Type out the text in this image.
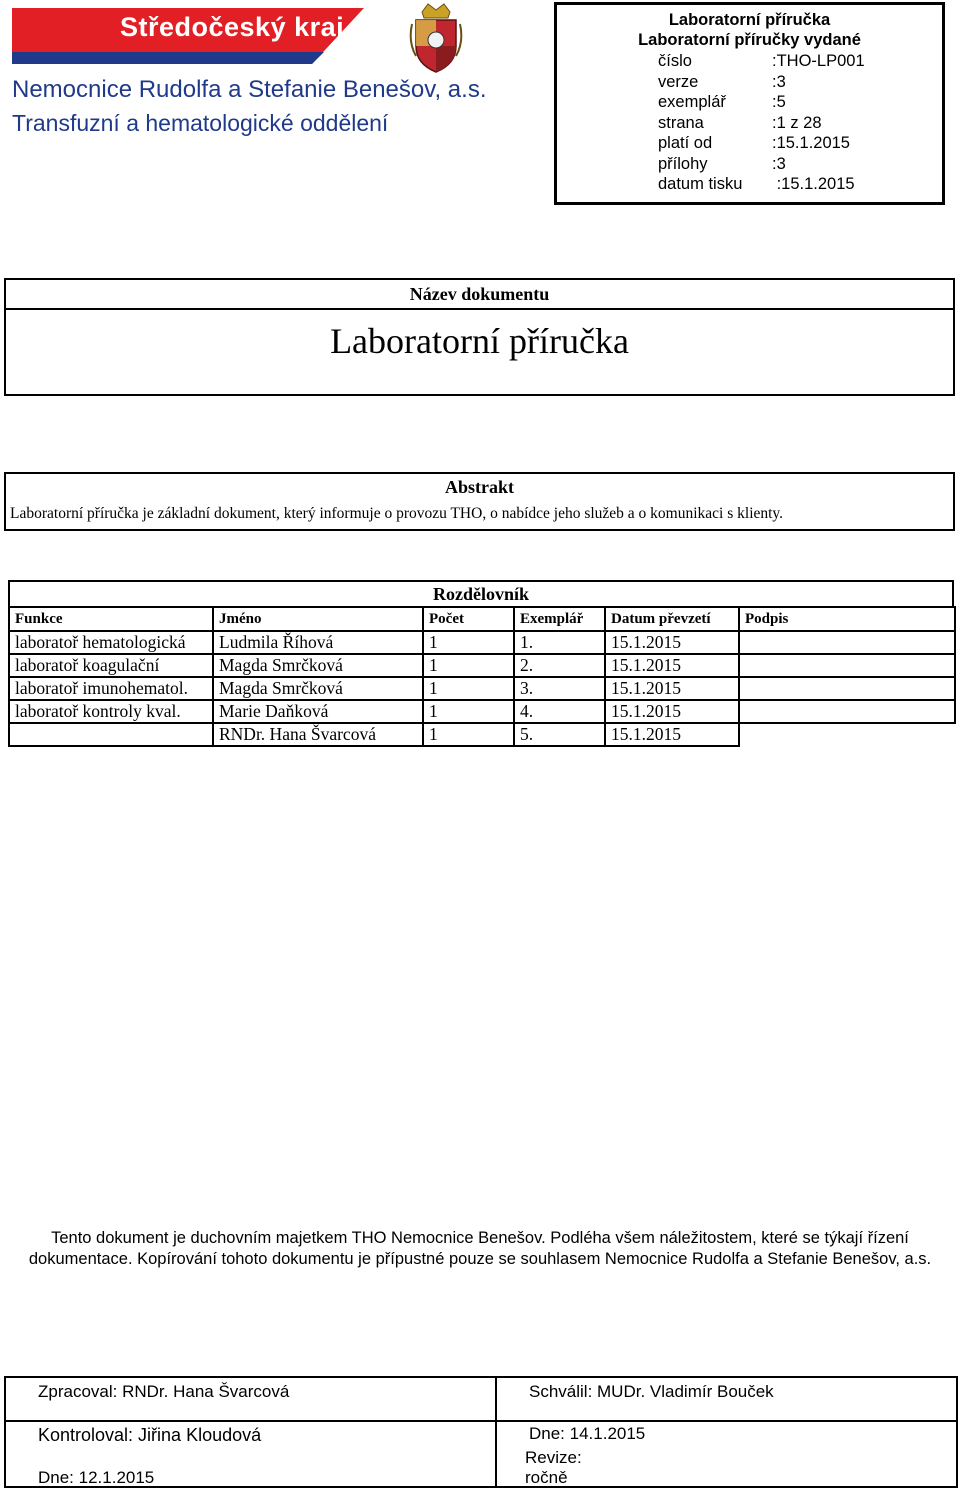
Středočeský kraj
Nemocnice Rudolfa a Stefanie Benešov, a.s.
Transfuzní a hematologické oddělení
Laboratorní příručka
Laboratorní příručky vydané
číslo	:THO-LP001
verze	:3
exemplář	:5
strana	:1 z 28
platí od	:15.1.2015
přílohy	:3
datum tisku :15.1.2015
Název dokumentu
Laboratorní příručka
Abstrakt
Laboratorní příručka je základní dokument, který informuje o provozu THO, o nabídce jeho služeb a o komunikaci s klienty.
Rozdělovník
Funkce	Jméno	Počet	Exemplář	Datum převzetí	Podpis
laboratoř hematologická	Ludmila Říhová	1	1.	15.1.2015	
laboratoř koagulační	Magda Smrčková	1	2.	15.1.2015	
laboratoř imunohematol.	Magda Smrčková	1	3.	15.1.2015	
laboratoř kontroly kval.	Marie Daňková	1	4.	15.1.2015	
	RNDr. Hana Švarcová	1	5.	15.1.2015	
Tento dokument je duchovním majetkem THO Nemocnice Benešov. Podléha všem náležitostem, které se týkají řízení dokumentace. Kopírování tohoto dokumentu je přípustné pouze se souhlasem Nemocnice Rudolfa a Stefanie Benešov, a.s.
Zpracoval: RNDr. Hana Švarcová	Schválil: MUDr. Vladimír Bouček
Kontroloval: Jiřina Kloudová	Dne: 14.1.2015
Revize:
ročně
Dne: 12.1.2015
